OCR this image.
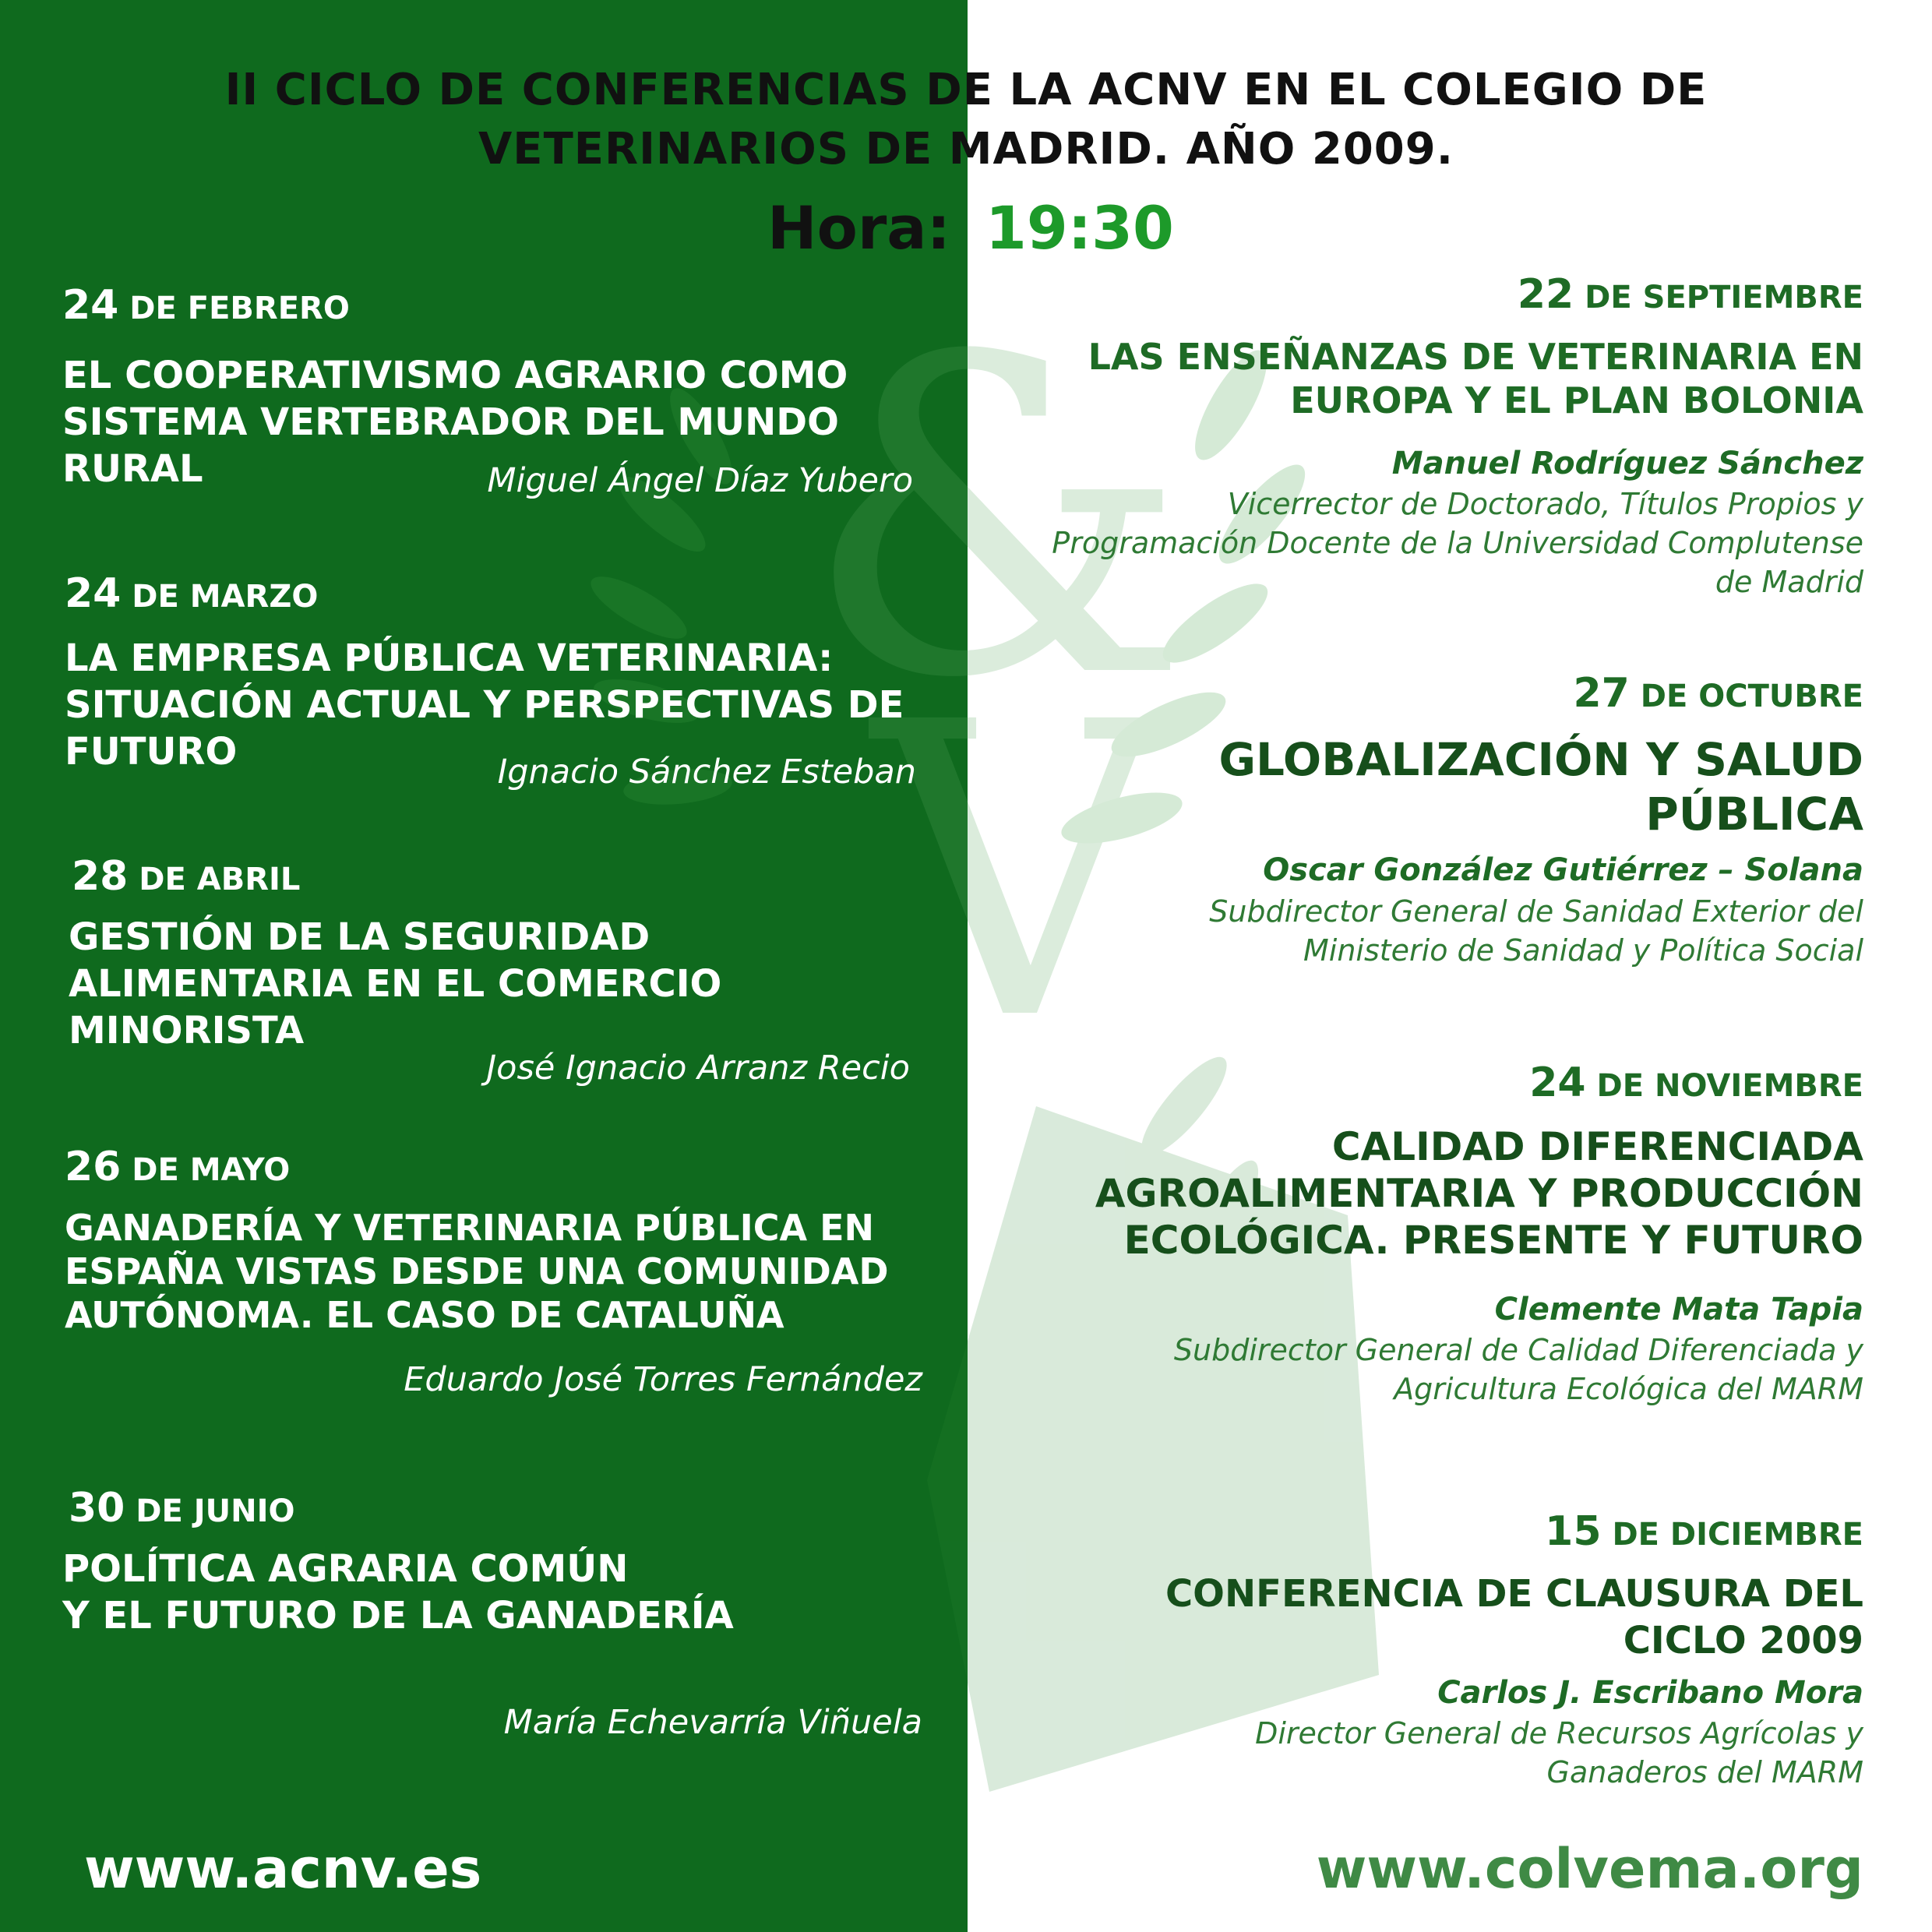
&
V
II CICLO DE CONFERENCIAS DE LA ACNV EN EL COLEGIO DE
VETERINARIOS DE MADRID. AÑO 2009.
Hora: 19:30
24 DE FEBRERO
EL COOPERATIVISMO AGRARIO COMO
SISTEMA VERTEBRADOR DEL MUNDO
RURAL	Miguel Ángel Díaz Yubero
24 DE MARZO
LA EMPRESA PÚBLICA VETERINARIA:
SITUACIÓN ACTUAL Y PERSPECTIVAS DE
FUTURO	Ignacio Sánchez Esteban
28 DE ABRIL
GESTIÓN DE LA SEGURIDAD
ALIMENTARIA EN EL COMERCIO
MINORISTA
José Ignacio Arranz Recio
26 DE MAYO
GANADERÍA Y VETERINARIA PÚBLICA EN
ESPAÑA VISTAS DESDE UNA COMUNIDAD
AUTÓNOMA. EL CASO DE CATALUÑA
Eduardo José Torres Fernández
30 DE JUNIO
POLÍTICA AGRARIA COMÚN
Y EL FUTURO DE LA GANADERÍA
María Echevarría Viñuela
22 DE SEPTIEMBRE
LAS ENSEÑANZAS DE VETERINARIA EN
EUROPA Y EL PLAN BOLONIA
Manuel Rodríguez Sánchez
Vicerrector de Doctorado, Títulos Propios y
Programación Docente de la Universidad Complutense
de Madrid
27 DE OCTUBRE
GLOBALIZACIÓN Y SALUD
PÚBLICA
Oscar González Gutiérrez – Solana
Subdirector General de Sanidad Exterior del
Ministerio de Sanidad y Política Social
24 DE NOVIEMBRE
CALIDAD DIFERENCIADA
AGROALIMENTARIA Y PRODUCCIÓN
ECOLÓGICA. PRESENTE Y FUTURO
Clemente Mata Tapia
Subdirector General de Calidad Diferenciada y
Agricultura Ecológica del MARM
15 DE DICIEMBRE
CONFERENCIA DE CLAUSURA DEL
CICLO 2009
Carlos J. Escribano Mora
Director General de Recursos Agrícolas y
Ganaderos del MARM
www.acnv.es	www.colvema.org
